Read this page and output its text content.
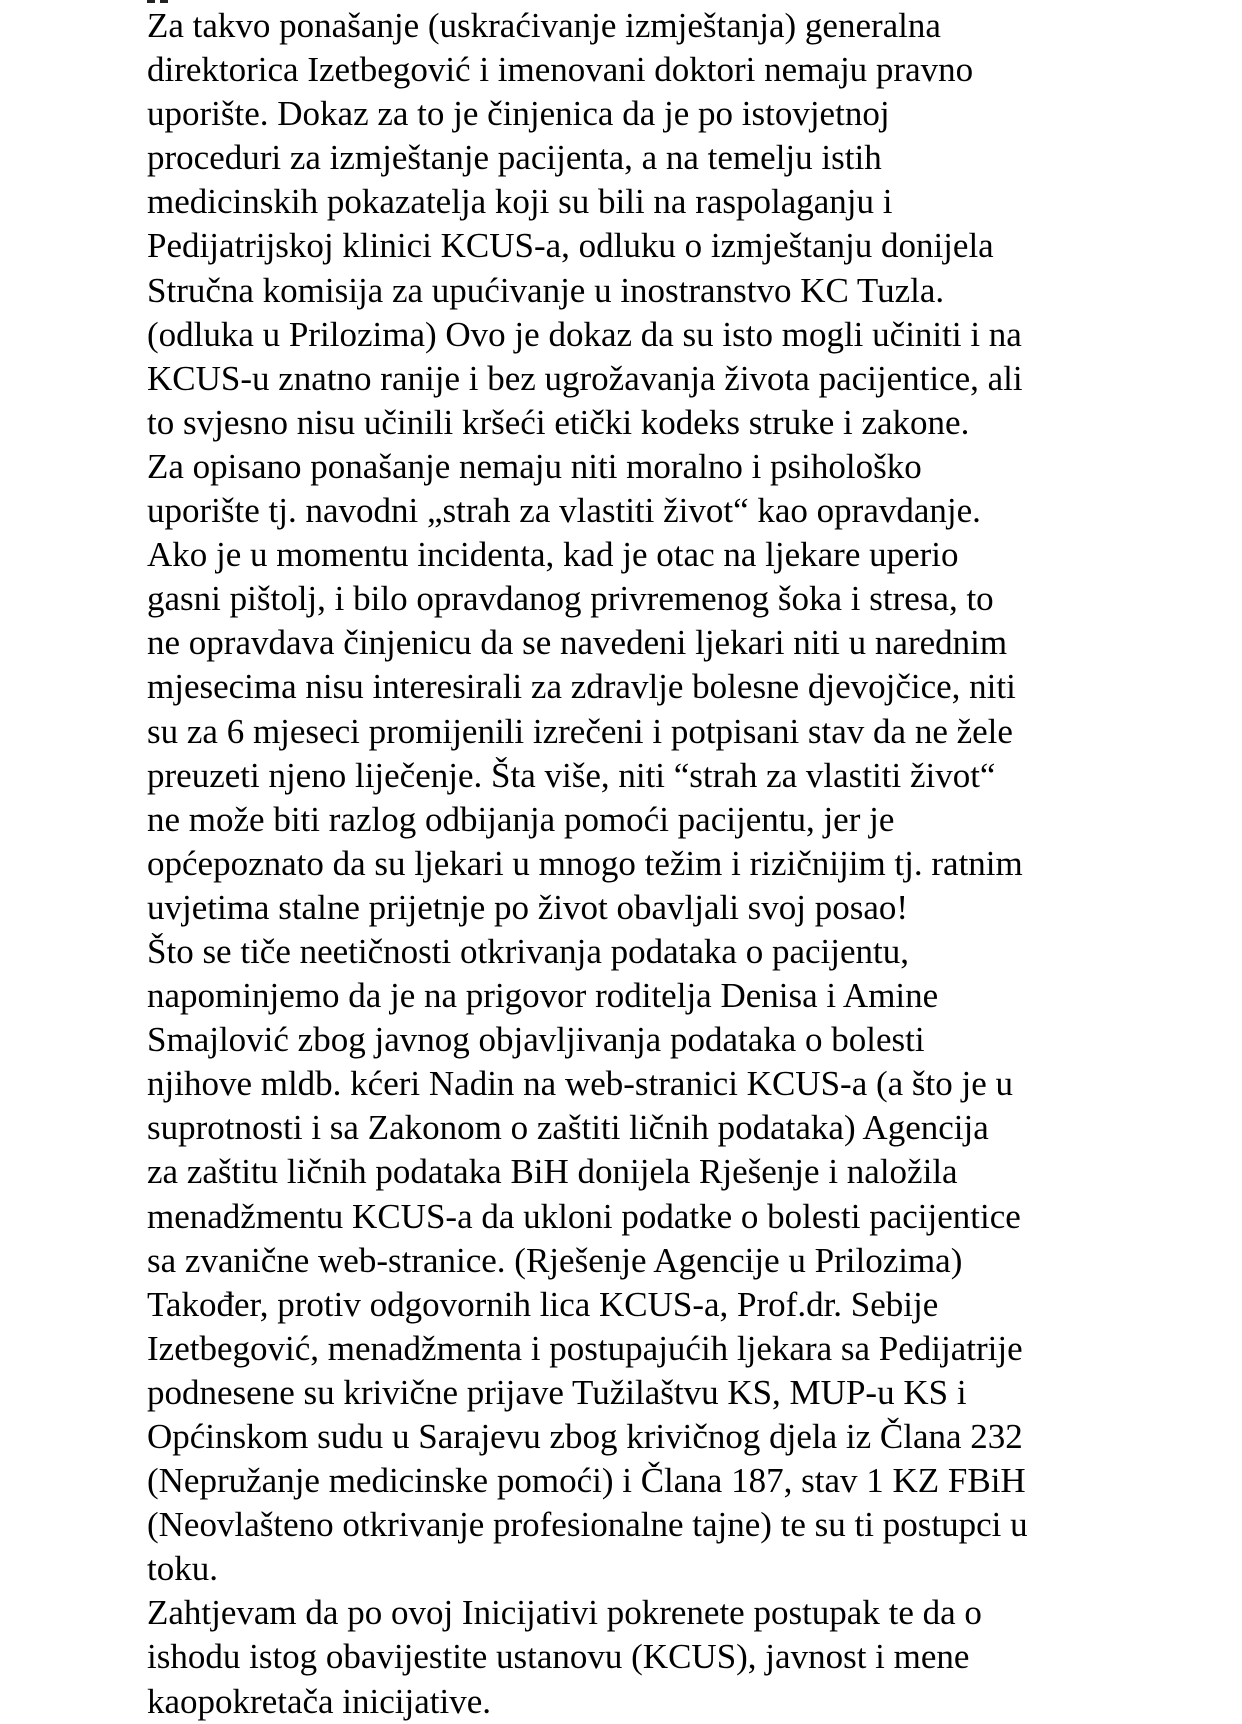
Za takvo ponašanje (uskraćivanje izmještanja) generalna
direktorica Izetbegović i imenovani doktori nemaju pravno
uporište. Dokaz za to je činjenica da je po istovjetnoj
proceduri za izmještanje pacijenta, a na temelju istih
medicinskih pokazatelja koji su bili na raspolaganju i
Pedijatrijskoj klinici KCUS-a, odluku o izmještanju donijela
Stručna komisija za upućivanje u inostranstvo KC Tuzla.
(odluka u Prilozima) Ovo je dokaz da su isto mogli učiniti i na
KCUS-u znatno ranije i bez ugrožavanja života pacijentice, ali
to svjesno nisu učinili kršeći etički kodeks struke i zakone.
Za opisano ponašanje nemaju niti moralno i psihološko
uporište tj. navodni „strah za vlastiti život“ kao opravdanje.
Ako je u momentu incidenta, kad je otac na ljekare uperio
gasni pištolj, i bilo opravdanog privremenog šoka i stresa, to
ne opravdava činjenicu da se navedeni ljekari niti u narednim
mjesecima nisu interesirali za zdravlje bolesne djevojčice, niti
su za 6 mjeseci promijenili izrečeni i potpisani stav da ne žele
preuzeti njeno liječenje. Šta više, niti “strah za vlastiti život“
ne može biti razlog odbijanja pomoći pacijentu, jer je
općepoznato da su ljekari u mnogo težim i rizičnijim tj. ratnim
uvjetima stalne prijetnje po život obavljali svoj posao!
Što se tiče neetičnosti otkrivanja podataka o pacijentu,
napominjemo da je na prigovor roditelja Denisa i Amine
Smajlović zbog javnog objavljivanja podataka o bolesti
njihove mldb. kćeri Nadin na web-stranici KCUS-a (a što je u
suprotnosti i sa Zakonom o zaštiti ličnih podataka) Agencija
za zaštitu ličnih podataka BiH donijela Rješenje i naložila
menadžmentu KCUS-a da ukloni podatke o bolesti pacijentice
sa zvanične web-stranice. (Rješenje Agencije u Prilozima)
Također, protiv odgovornih lica KCUS-a, Prof.dr. Sebije
Izetbegović, menadžmenta i postupajućih ljekara sa Pedijatrije
podnesene su krivične prijave Tužilaštvu KS, MUP-u KS i
Općinskom sudu u Sarajevu zbog krivičnog djela iz Člana 232
(Nepružanje medicinske pomoći) i Člana 187, stav 1 KZ FBiH
(Neovlašteno otkrivanje profesionalne tajne) te su ti postupci u
toku.
Zahtjevam da po ovoj Inicijativi pokrenete postupak te da o
ishodu istog obavijestite ustanovu (KCUS), javnost i mene
kaopokretača inicijative.
